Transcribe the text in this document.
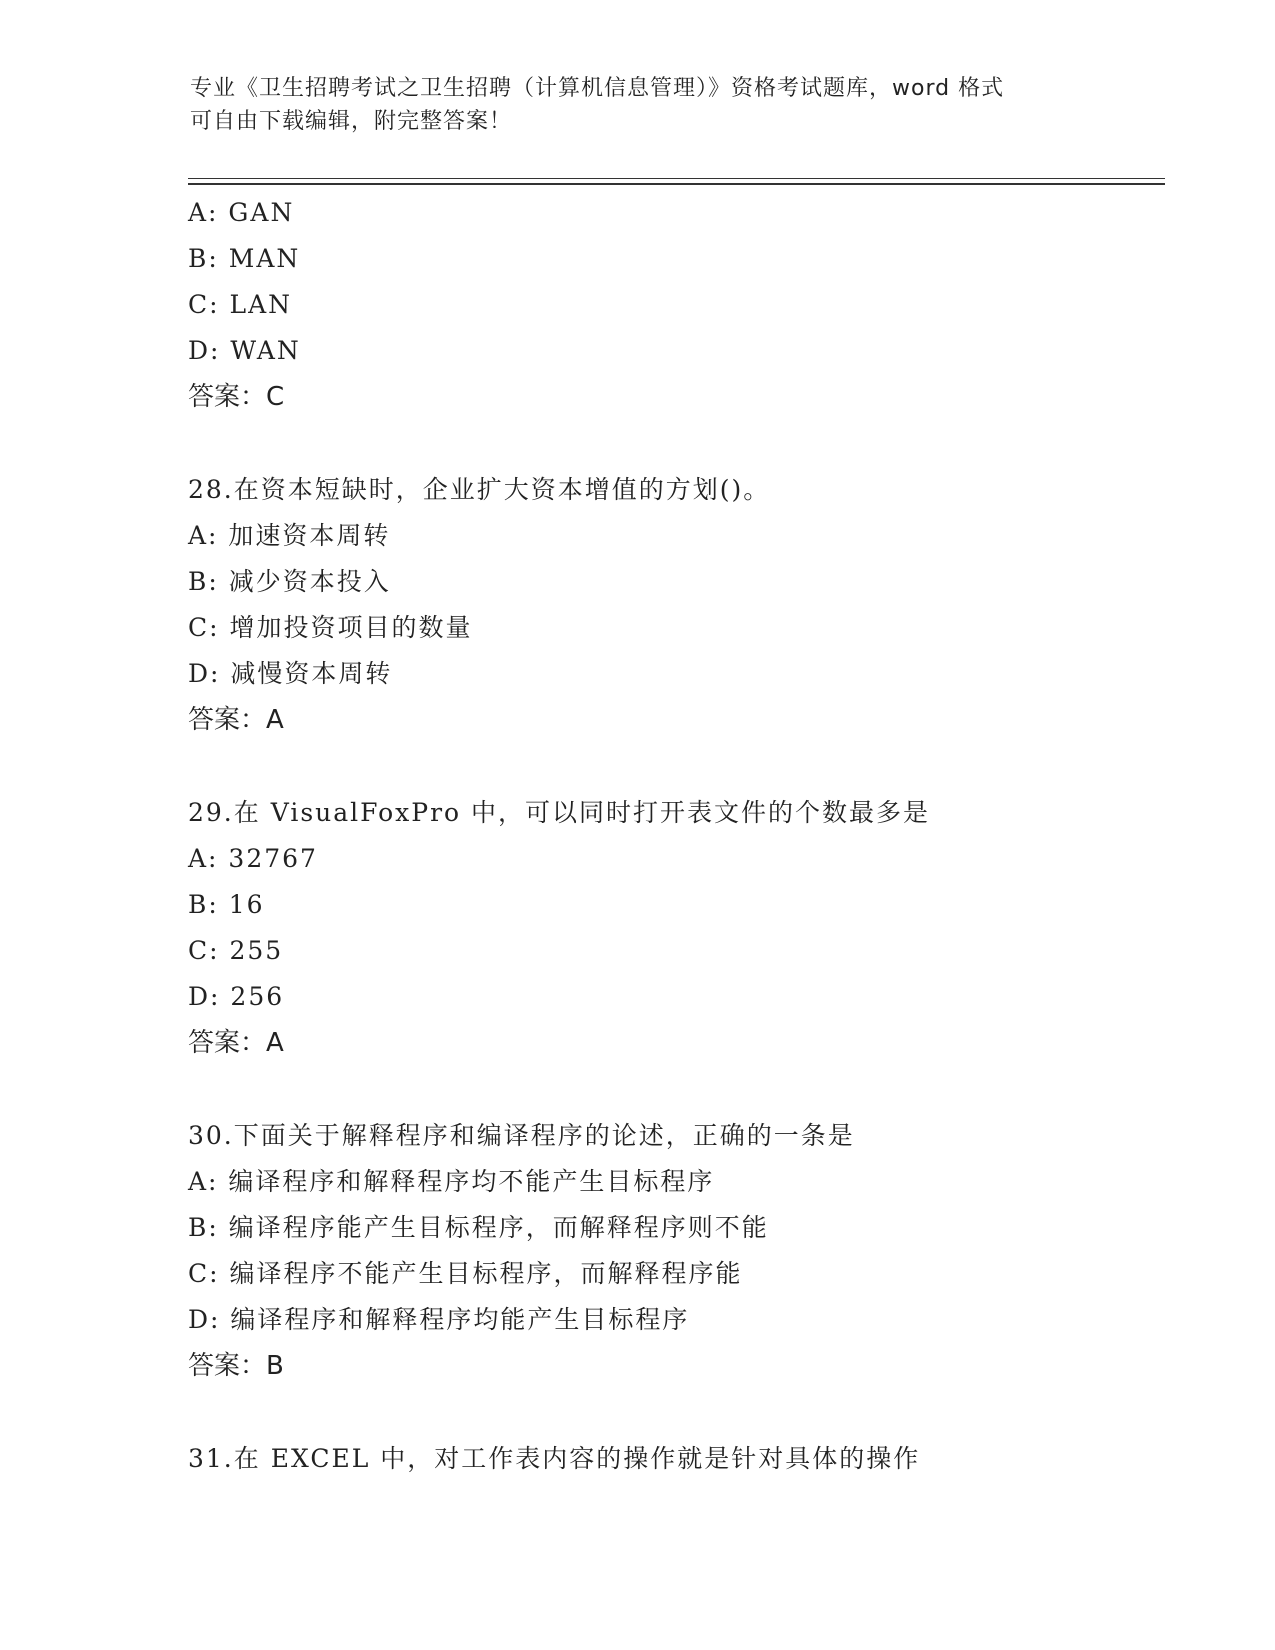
专业《卫生招聘考试之卫生招聘（计算机信息管理）》资格考试题库，word 格式
可自由下载编辑，附完整答案！
A: GAN
B: MAN
C: LAN
D: WAN
答案：C
28.在资本短缺时，企业扩大资本增值的方划()。
A: 加速资本周转
B: 减少资本投入
C: 增加投资项目的数量
D: 减慢资本周转
答案：A
29.在 VisualFoxPro 中，可以同时打开表文件的个数最多是
A: 32767
B: 16
C: 255
D: 256
答案：A
30.下面关于解释程序和编译程序的论述，正确的一条是
A: 编译程序和解释程序均不能产生目标程序
B: 编译程序能产生目标程序，而解释程序则不能
C: 编译程序不能产生目标程序，而解释程序能
D: 编译程序和解释程序均能产生目标程序
答案：B
31.在 EXCEL 中，对工作表内容的操作就是针对具体的操作
